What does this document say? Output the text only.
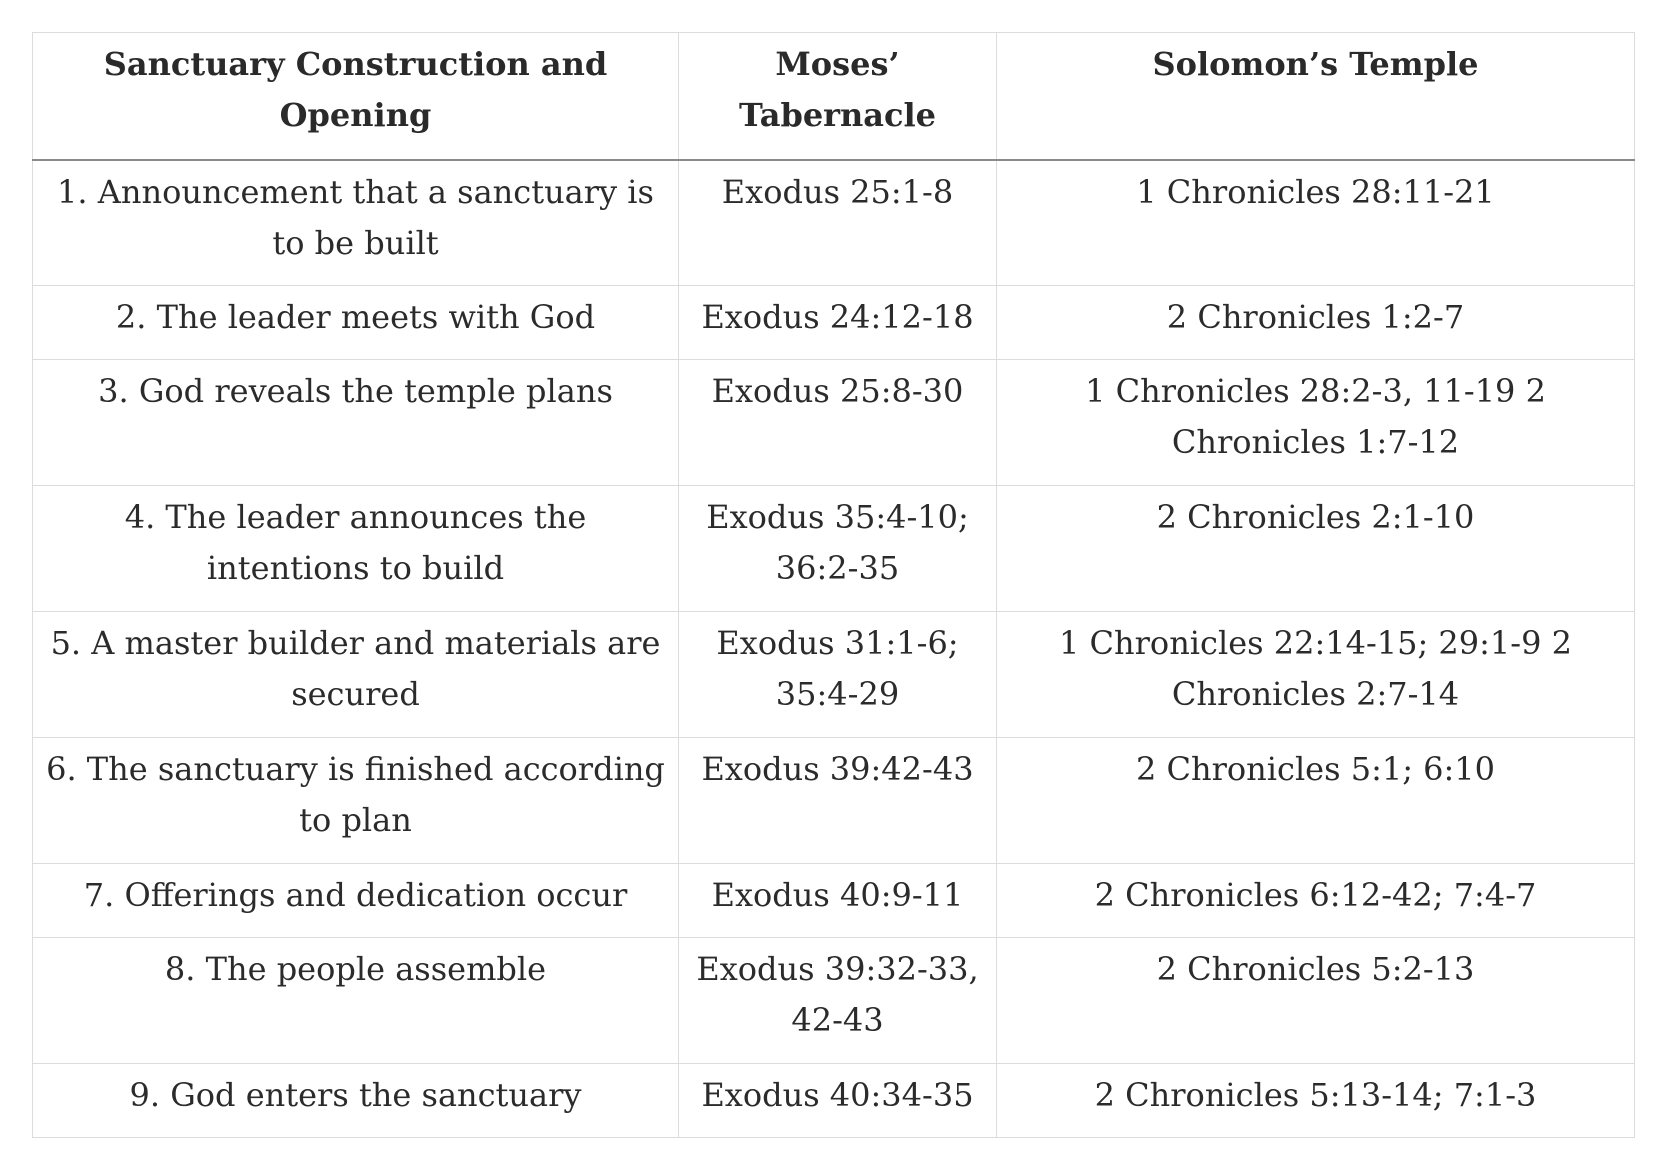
Sanctuary Construction and Opening	Moses’ Tabernacle	Solomon’s Temple
1. Announcement that a sanctuary is to be built	Exodus 25:1-8	1 Chronicles 28:11-21
2. The leader meets with God	Exodus 24:12-18	2 Chronicles 1:2-7
3. God reveals the temple plans	Exodus 25:8-30	1 Chronicles 28:2-3, 11-19 2 Chronicles 1:7-12
4. The leader announces the intentions to build	Exodus 35:4-10; 36:2-35	2 Chronicles 2:1-10
5. A master builder and materials are secured	Exodus 31:1-6; 35:4-29	1 Chronicles 22:14-15; 29:1-9 2 Chronicles 2:7-14
6. The sanctuary is finished according to plan	Exodus 39:42-43	2 Chronicles 5:1; 6:10
7. Offerings and dedication occur	Exodus 40:9-11	2 Chronicles 6:12-42; 7:4-7
8. The people assemble	Exodus 39:32-33, 42-43	2 Chronicles 5:2-13
9. God enters the sanctuary	Exodus 40:34-35	2 Chronicles 5:13-14; 7:1-3
